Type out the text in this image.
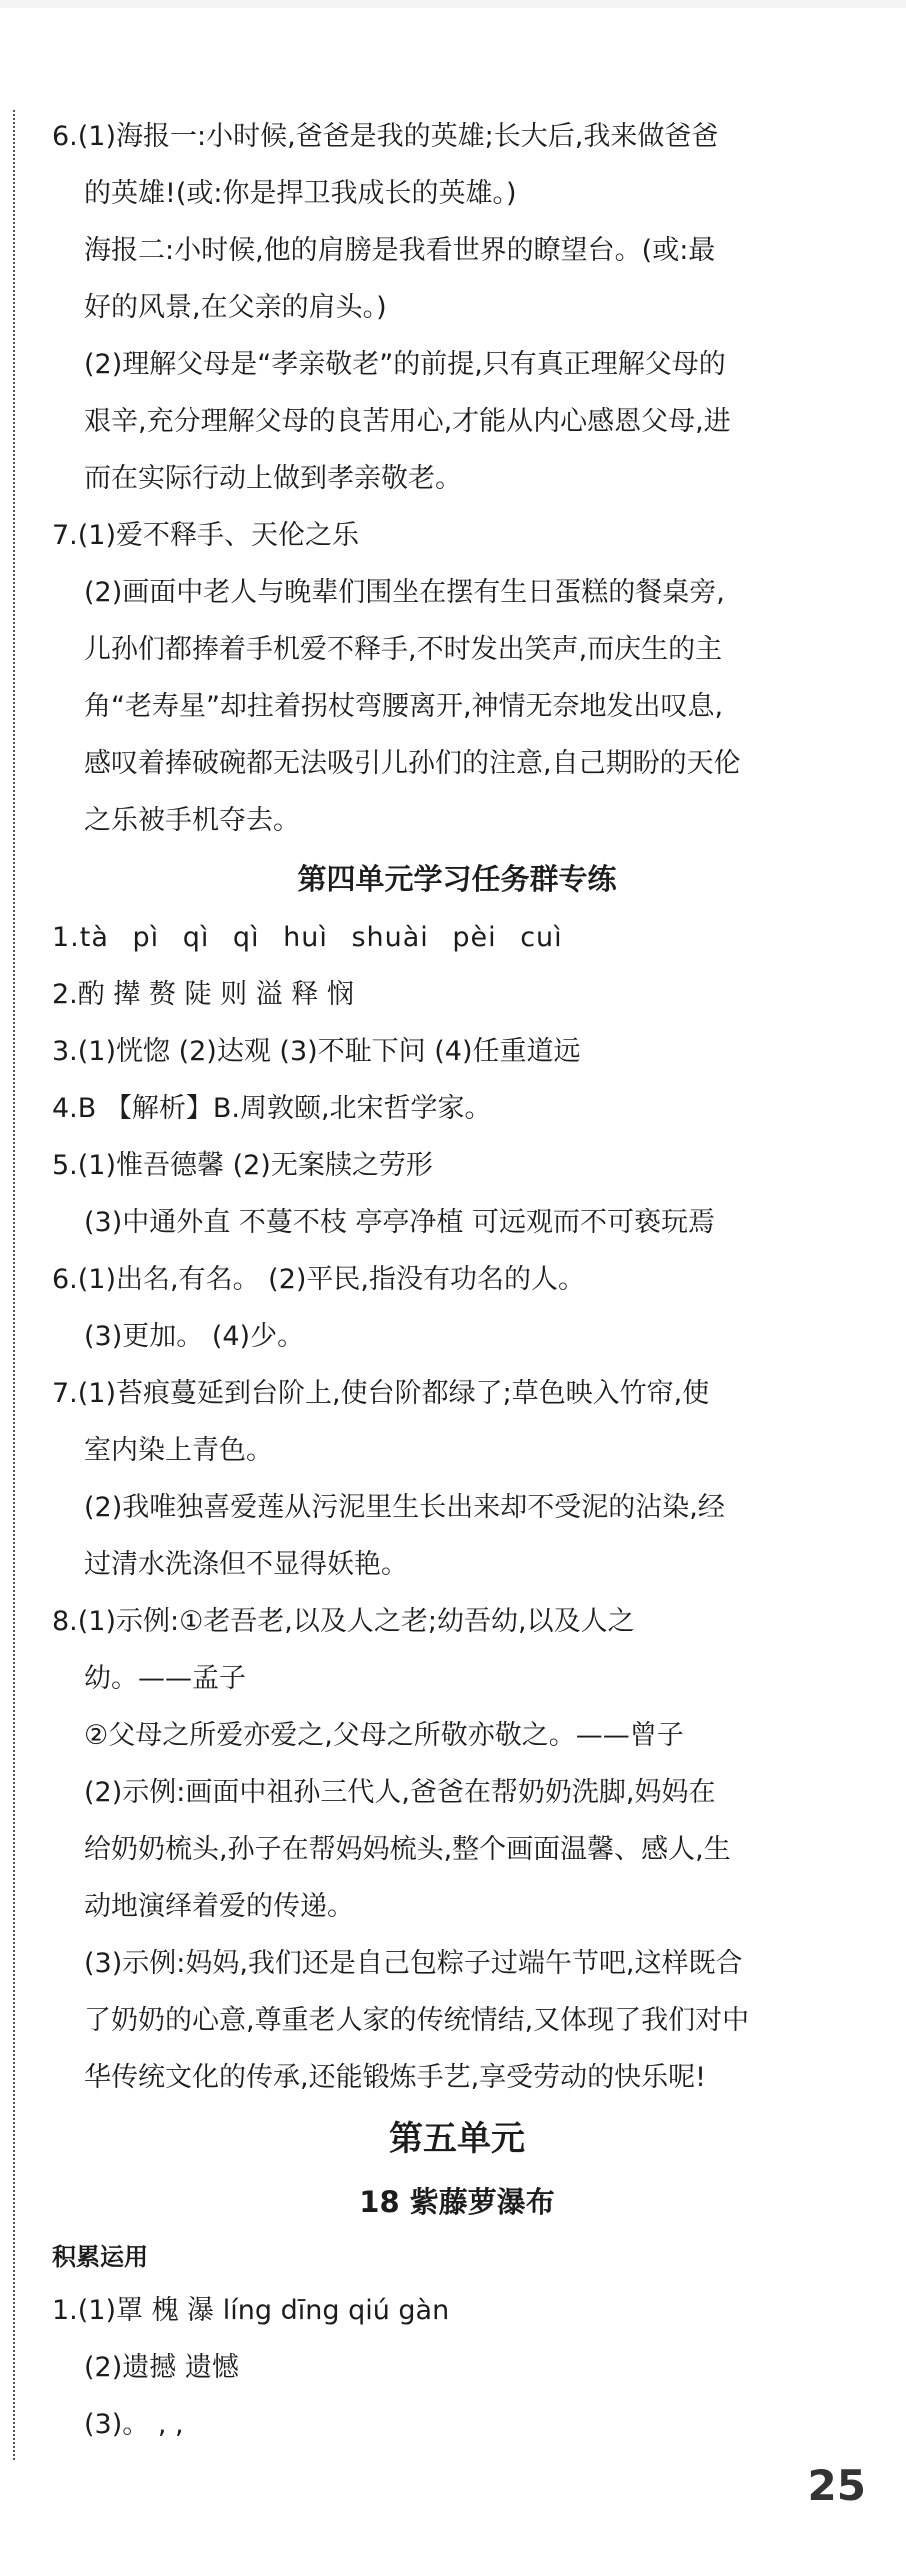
6.(1)海报一:小时候,爸爸是我的英雄;长大后,我来做爸爸
的英雄!(或:你是捍卫我成长的英雄。)
海报二:小时候,他的肩膀是我看世界的瞭望台。(或:最
好的风景,在父亲的肩头。)
(2)理解父母是“孝亲敬老”的前提,只有真正理解父母的
艰辛,充分理解父母的良苦用心,才能从内心感恩父母,进
而在实际行动上做到孝亲敬老。
7.(1)爱不释手、天伦之乐
(2)画面中老人与晚辈们围坐在摆有生日蛋糕的餐桌旁,
儿孙们都捧着手机爱不释手,不时发出笑声,而庆生的主
角“老寿星”却拄着拐杖弯腰离开,神情无奈地发出叹息,
感叹着捧破碗都无法吸引儿孙们的注意,自己期盼的天伦
之乐被手机夺去。
第四单元学习任务群专练
1.tà pì qì qì huì shuài pèi cuì
2.酌 撵 赘 陡 则 溢 释 悯
3.(1)恍惚 (2)达观 (3)不耻下问 (4)任重道远
4.B 【解析】B.周敦颐,北宋哲学家。
5.(1)惟吾德馨 (2)无案牍之劳形
(3)中通外直 不蔓不枝 亭亭净植 可远观而不可亵玩焉
6.(1)出名,有名。 (2)平民,指没有功名的人。
(3)更加。 (4)少。
7.(1)苔痕蔓延到台阶上,使台阶都绿了;草色映入竹帘,使
室内染上青色。
(2)我唯独喜爱莲从污泥里生长出来却不受泥的沾染,经
过清水洗涤但不显得妖艳。
8.(1)示例:①老吾老,以及人之老;幼吾幼,以及人之
幼。——孟子
②父母之所爱亦爱之,父母之所敬亦敬之。——曾子
(2)示例:画面中祖孙三代人,爸爸在帮奶奶洗脚,妈妈在
给奶奶梳头,孙子在帮妈妈梳头,整个画面温馨、感人,生
动地演绎着爱的传递。
(3)示例:妈妈,我们还是自己包粽子过端午节吧,这样既合
了奶奶的心意,尊重老人家的传统情结,又体现了我们对中
华传统文化的传承,还能锻炼手艺,享受劳动的快乐呢!
第五单元
18 紫藤萝瀑布
积累运用
1.(1)罩 槐 瀑 líng dīng qiú gàn
(2)遗撼 遗憾
(3)。 , ,
25
